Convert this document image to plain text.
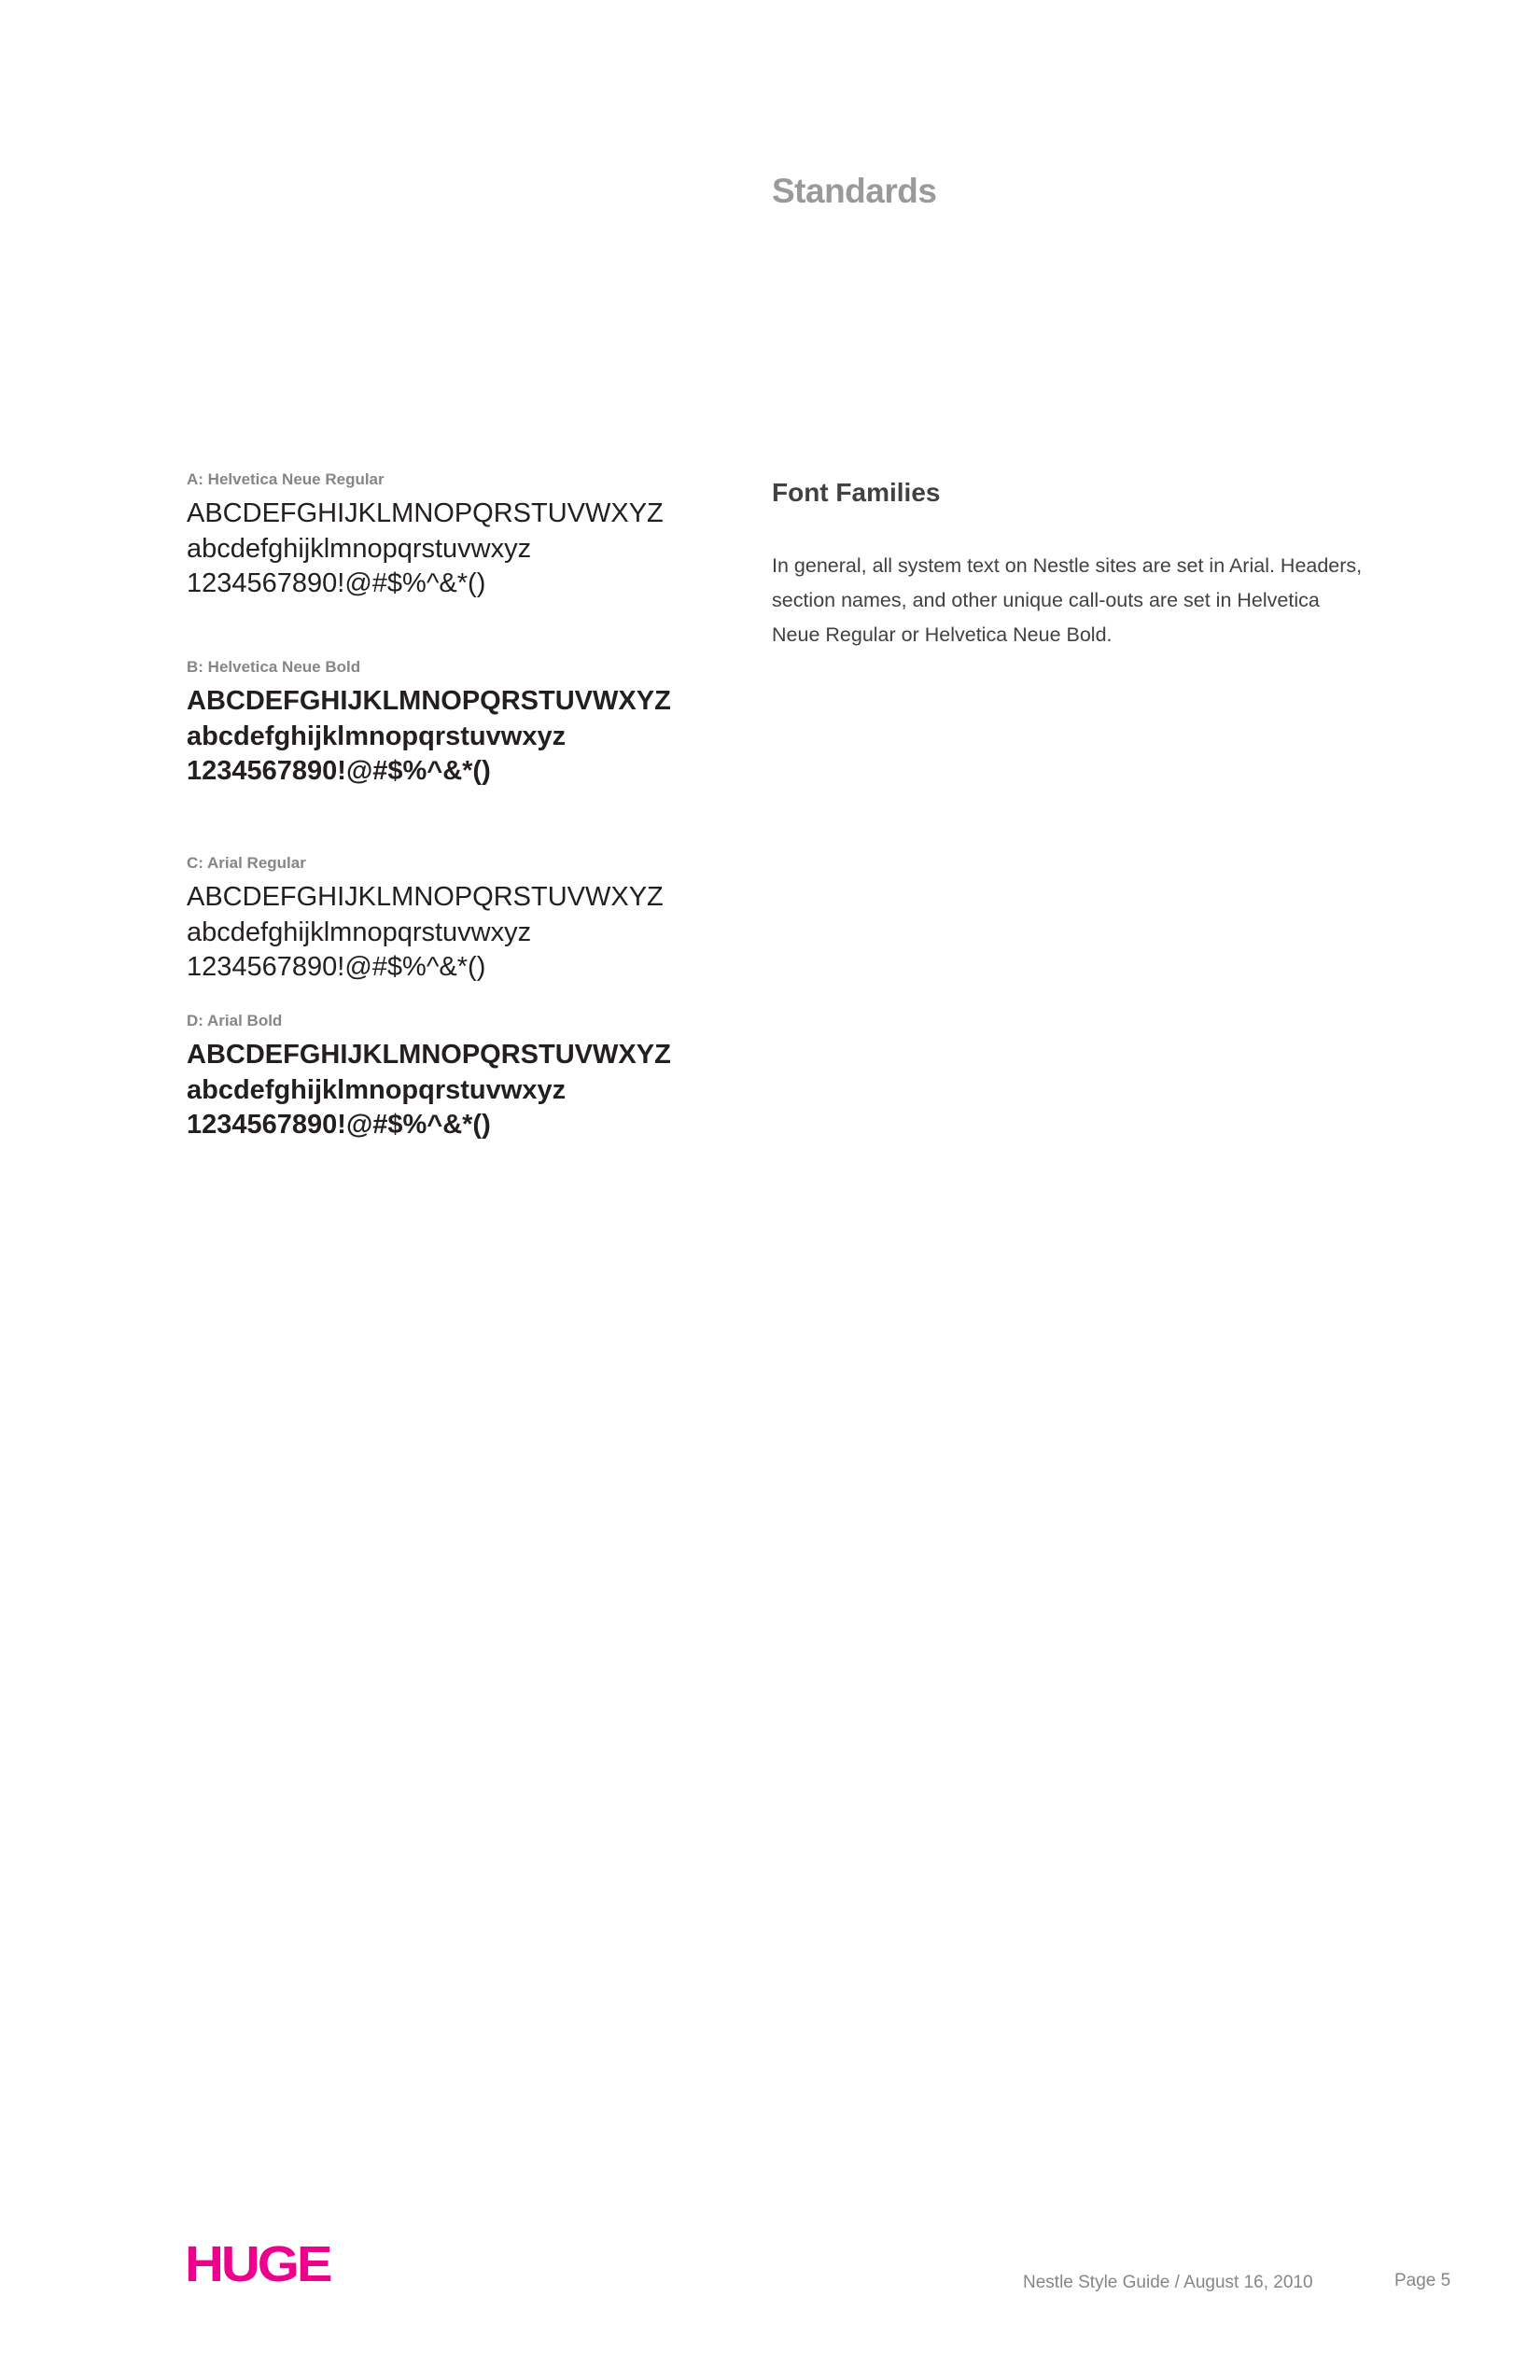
Standards
A: Helvetica Neue Regular
ABCDEFGHIJKLMNOPQRSTUVWXYZ
abcdefghijklmnopqrstuvwxyz
1234567890!@#$%^&*()
B: Helvetica Neue Bold
ABCDEFGHIJKLMNOPQRSTUVWXYZ
abcdefghijklmnopqrstuvwxyz
1234567890!@#$%^&*()
C: Arial Regular
ABCDEFGHIJKLMNOPQRSTUVWXYZ
abcdefghijklmnopqrstuvwxyz
1234567890!@#$%^&*()
D: Arial Bold
ABCDEFGHIJKLMNOPQRSTUVWXYZ
abcdefghijklmnopqrstuvwxyz
1234567890!@#$%^&*()
Font Families

In general, all system text on Nestle sites are set in Arial. Headers, section names, and other unique call-outs are set in Helvetica Neue Regular or Helvetica Neue Bold.

HUGE	Nestle Style Guide / August 16, 2010	Page 5
